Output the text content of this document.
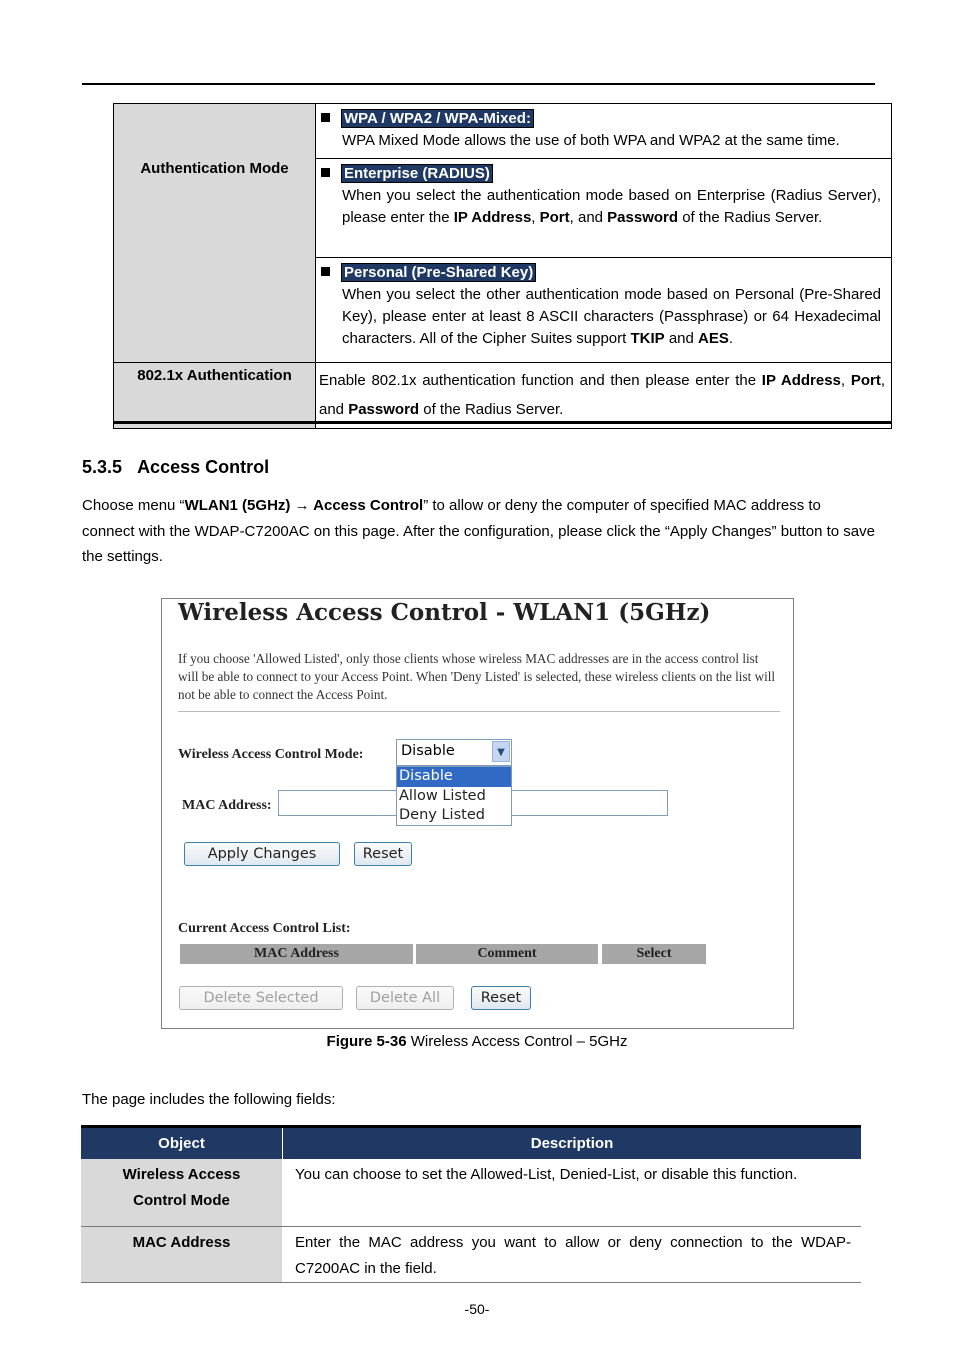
Authentication Mode	WPA / WPA2 / WPA-Mixed:
WPA Mixed Mode allows the use of both WPA and WPA2 at the same time.

Enterprise (RADIUS)
When you select the authentication mode based on Enterprise (Radius Server), please enter the IP Address, Port, and Password of the Radius Server.

Personal (Pre-Shared Key)
When you select the other authentication mode based on Personal (Pre-Shared Key), please enter at least 8 ASCII characters (Passphrase) or 64 Hexadecimal characters. All of the Cipher Suites support TKIP and AES.

802.1x Authentication	Enable 802.1x authentication function and then please enter the IP Address, Port, and Password of the Radius Server.
5.3.5 Access Control
Choose menu “WLAN1 (5GHz) → Access Control” to allow or deny the computer of specified MAC address to connect with the WDAP-C7200AC on this page. After the configuration, please click the “Apply Changes” button to save the settings.
Wireless Access Control - WLAN1 (5GHz)
If you choose 'Allowed Listed', only those clients whose wireless MAC addresses are in the access control list will be able to connect to your Access Point. When 'Deny Listed' is selected, these wireless clients on the list will not be able to connect the Access Point.
Wireless Access Control Mode:	Disable	▼
Disable
Allow Listed
Deny Listed
MAC Address:
Apply Changes	Reset
Current Access Control List:
MAC Address	Comment	Select
Delete Selected	Delete All	Reset
Figure 5-36 Wireless Access Control – 5GHz
The page includes the following fields:
Object	Description
Wireless Access
Control Mode	You can choose to set the Allowed-List, Denied-List, or disable this function.
MAC Address	Enter the MAC address you want to allow or deny connection to the WDAP-C7200AC in the field.
-50-
